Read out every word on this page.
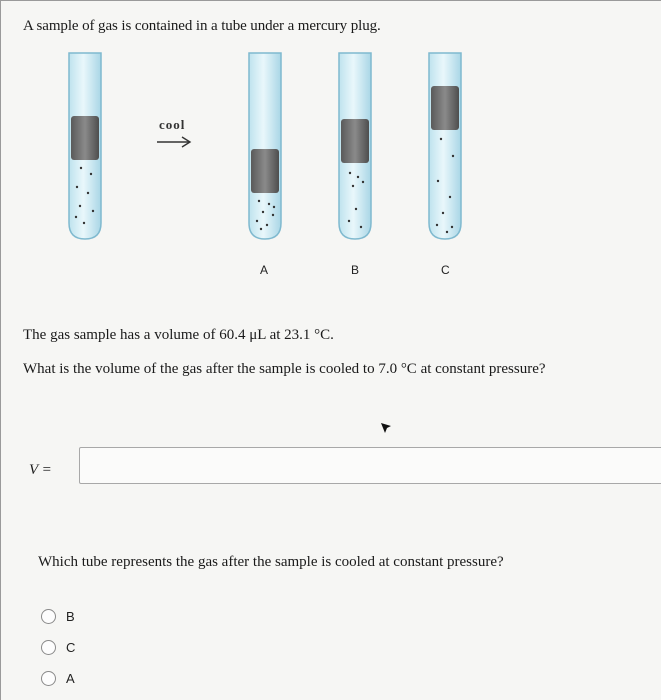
A sample of gas is contained in a tube under a mercury plug.
cool
A	B	C
The gas sample has a volume of 60.4 μL at 23.1 °C.
What is the volume of the gas after the sample is cooled to 7.0 °C at constant pressure?
V =
Which tube represents the gas after the sample is cooled at constant pressure?
B
C
A
